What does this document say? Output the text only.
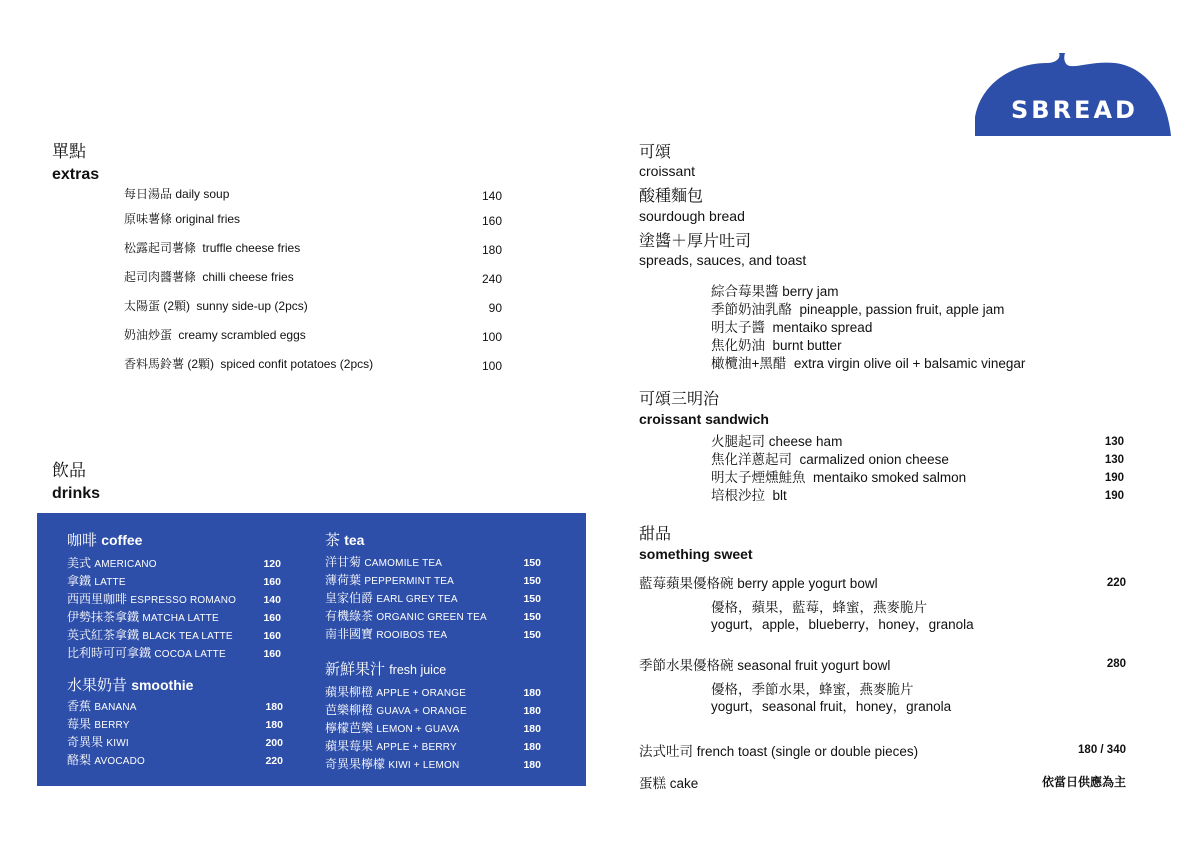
SBREAD
單點
extras
每日湯品 daily soup	140
原味薯條 original fries	160
松露起司薯條 truffle cheese fries	180
起司肉醬薯條 chilli cheese fries	240
太陽蛋 (2顆) sunny side-up (2pcs)	90
奶油炒蛋 creamy scrambled eggs	100
香料馬鈴薯 (2顆) spiced confit potatoes (2pcs)	100
飲品
drinks
咖啡 coffee
美式 AMERICANO	120
拿鐵 LATTE	160
西西里咖啡 ESPRESSO ROMANO	140
伊勢抹茶拿鐵 MATCHA LATTE	160
英式紅茶拿鐵 BLACK TEA LATTE	160
比利時可可拿鐵 COCOA LATTE	160
水果奶昔 smoothie
香蕉 BANANA	180
莓果 BERRY	180
奇異果 KIWI	200
酪梨 AVOCADO	220
茶 tea
洋甘菊 CAMOMILE TEA	150
薄荷葉 PEPPERMINT TEA	150
皇家伯爵 EARL GREY TEA	150
有機綠茶 ORGANIC GREEN TEA	150
南非國寶 ROOIBOS TEA	150
新鮮果汁 fresh juice
蘋果柳橙 APPLE + ORANGE	180
芭樂柳橙 GUAVA + ORANGE	180
檸檬芭樂 LEMON + GUAVA	180
蘋果莓果 APPLE + BERRY	180
奇異果檸檬 KIWI + LEMON	180
可頌
croissant
酸種麵包
sourdough bread
塗醬＋厚片吐司
spreads, sauces, and toast
綜合莓果醬 berry jam
季節奶油乳酪 pineapple, passion fruit, apple jam
明太子醬 mentaiko spread
焦化奶油 burnt butter
橄欖油+黑醋 extra virgin olive oil + balsamic vinegar
可頌三明治
croissant sandwich
火腿起司 cheese ham	130
焦化洋蔥起司 carmalized onion cheese	130
明太子煙燻鮭魚 mentaiko smoked salmon	190
培根沙拉 blt	190
甜品
something sweet
藍莓蘋果優格碗 berry apple yogurt bowl	220
優格，蘋果，藍莓，蜂蜜，燕麥脆片
yogurt，apple，blueberry，honey，granola
季節水果優格碗 seasonal fruit yogurt bowl	280
優格，季節水果，蜂蜜，燕麥脆片
yogurt，seasonal fruit，honey，granola
法式吐司 french toast (single or double pieces)	180 / 340
蛋糕 cake	依當日供應為主
